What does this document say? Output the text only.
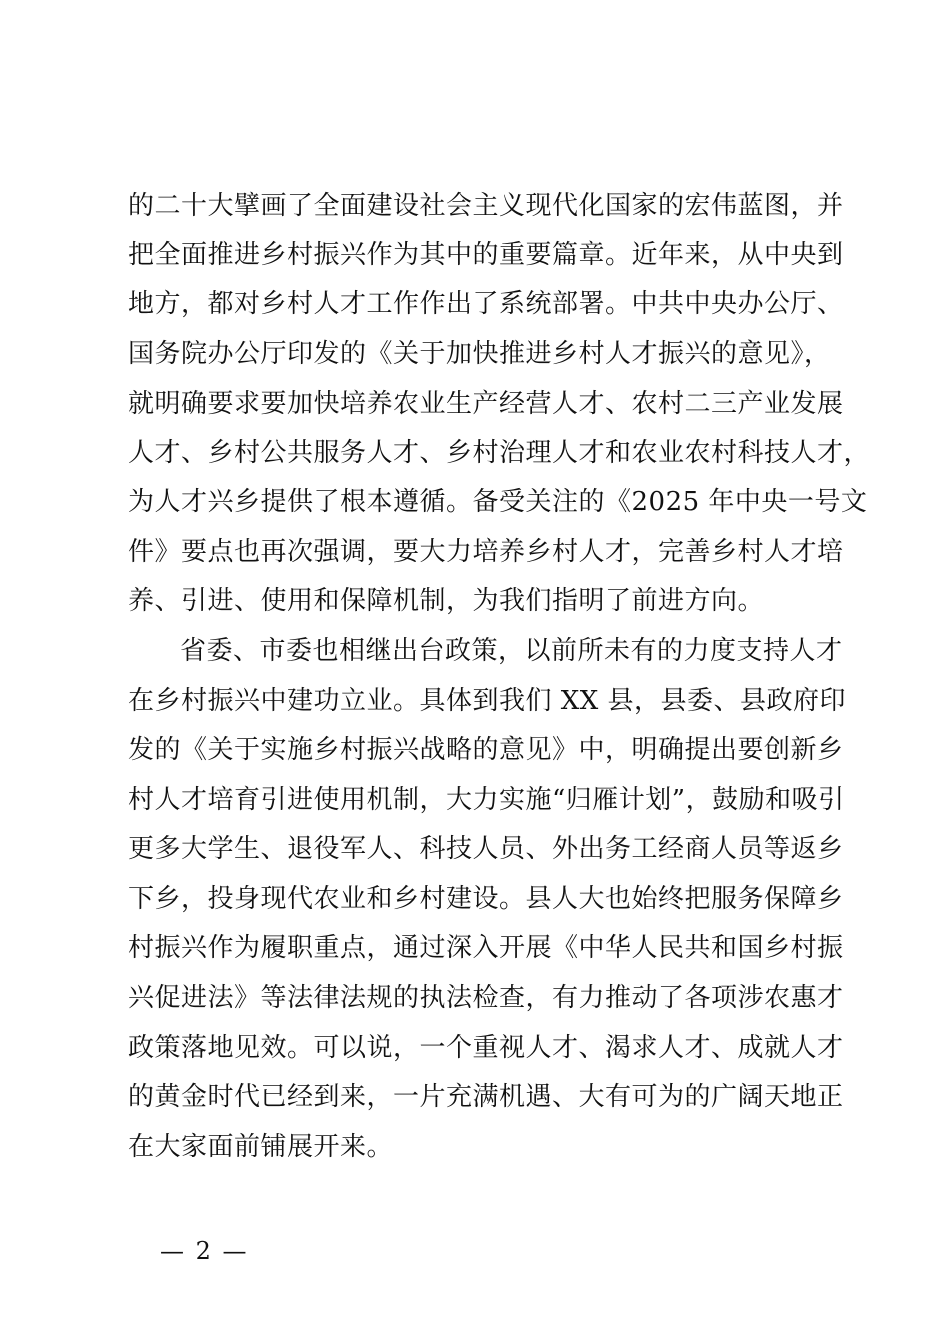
的二十大擘画了全面建设社会主义现代化国家的宏伟蓝图，并
把全面推进乡村振兴作为其中的重要篇章。近年来，从中央到
地方，都对乡村人才工作作出了系统部署。中共中央办公厅、
国务院办公厅印发的《关于加快推进乡村人才振兴的意见》，
就明确要求要加快培养农业生产经营人才、农村二三产业发展
人才、乡村公共服务人才、乡村治理人才和农业农村科技人才，
为人才兴乡提供了根本遵循。备受关注的《2025 年中央一号文
件》要点也再次强调，要大力培养乡村人才，完善乡村人才培
养、引进、使用和保障机制，为我们指明了前进方向。
省委、市委也相继出台政策，以前所未有的力度支持人才
在乡村振兴中建功立业。具体到我们 XX 县，县委、县政府印
发的《关于实施乡村振兴战略的意见》中，明确提出要创新乡
村人才培育引进使用机制，大力实施“归雁计划”，鼓励和吸引
更多大学生、退役军人、科技人员、外出务工经商人员等返乡
下乡，投身现代农业和乡村建设。县人大也始终把服务保障乡
村振兴作为履职重点，通过深入开展《中华人民共和国乡村振
兴促进法》等法律法规的执法检查，有力推动了各项涉农惠才
政策落地见效。可以说，一个重视人才、渴求人才、成就人才
的黄金时代已经到来，一片充满机遇、大有可为的广阔天地正
在大家面前铺展开来。
— 2 —
